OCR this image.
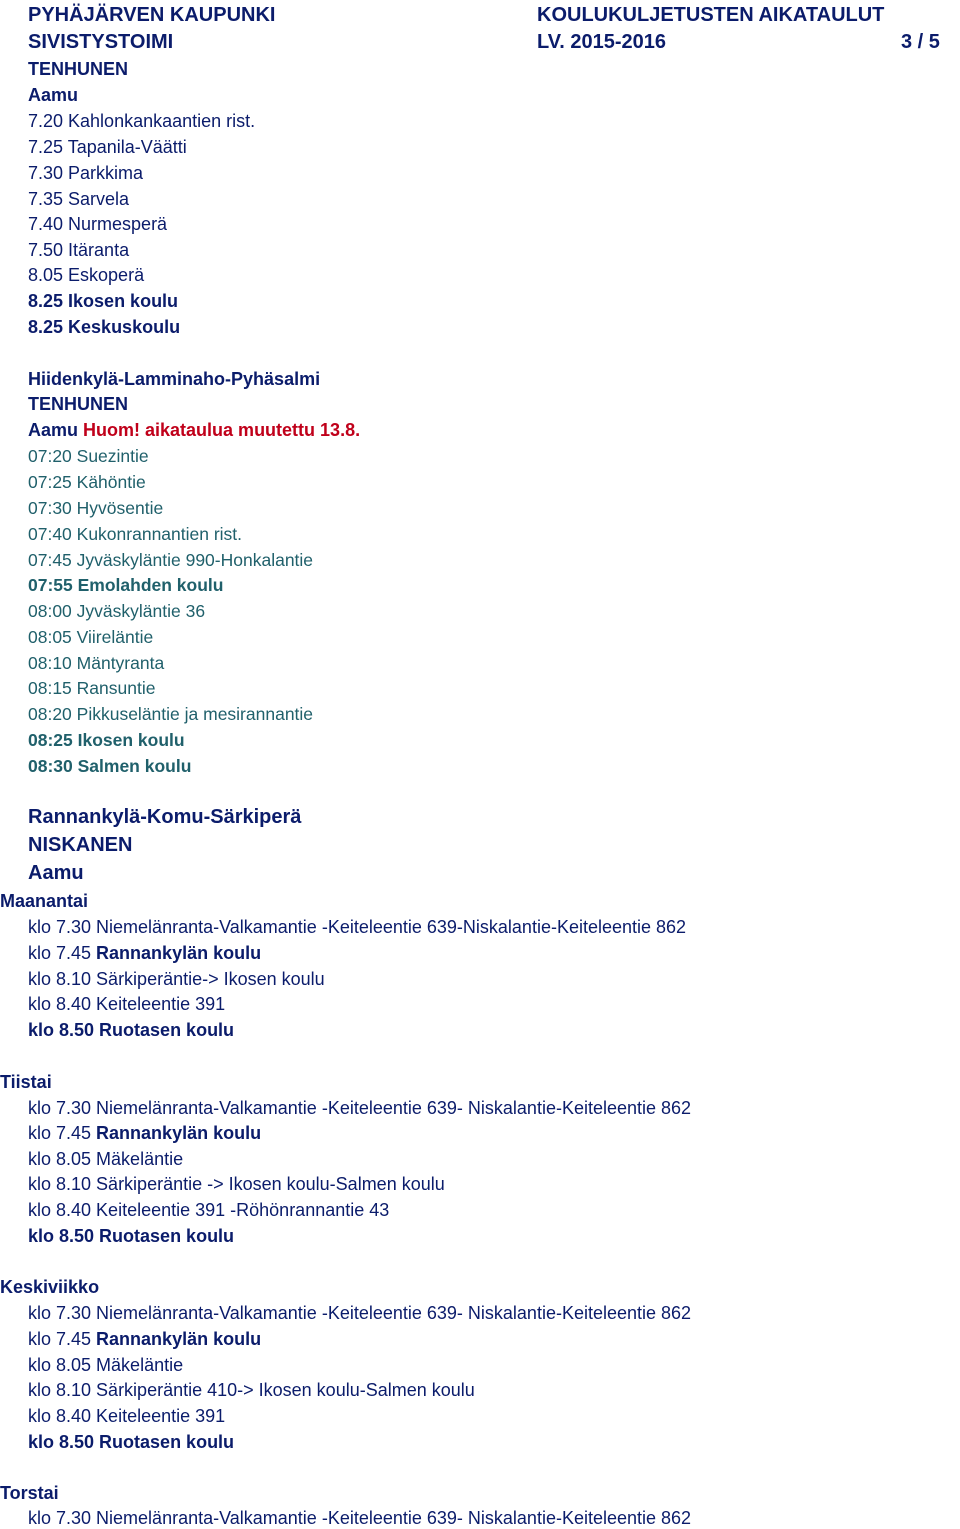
PYHÄJÄRVEN KAUPUNKI
SIVISTYSTOIMI
KOULUKULJETUSTEN AIKATAULUT
LV. 2015-2016	3 / 5
TENHUNEN
Aamu
7.20 Kahlonkankaantien rist.
7.25 Tapanila-Väätti
7.30 Parkkima
7.35 Sarvela
7.40 Nurmesperä
7.50 Itäranta
8.05 Eskoperä
8.25 Ikosen koulu
8.25 Keskuskoulu
Hiidenkylä-Lamminaho-Pyhäsalmi
TENHUNEN
Aamu Huom! aikataulua muutettu 13.8.
07:20 Suezintie
07:25 Kähöntie
07:30 Hyvösentie
07:40 Kukonrannantien rist.
07:45 Jyväskyläntie 990-Honkalantie
07:55 Emolahden koulu
08:00 Jyväskyläntie 36
08:05 Viireläntie
08:10 Mäntyranta
08:15 Ransuntie
08:20 Pikkuseläntie ja mesirannantie
08:25 Ikosen koulu
08:30 Salmen koulu
Rannankylä-Komu-Särkiperä
NISKANEN
Aamu
Maanantai
klo 7.30 Niemelänranta-Valkamantie -Keiteleentie 639-Niskalantie-Keiteleentie 862
klo 7.45 Rannankylän koulu
klo 8.10 Särkiperäntie-> Ikosen koulu
klo 8.40 Keiteleentie 391
klo 8.50 Ruotasen koulu
Tiistai
klo 7.30 Niemelänranta-Valkamantie -Keiteleentie 639- Niskalantie-Keiteleentie 862
klo 7.45 Rannankylän koulu
klo 8.05 Mäkeläntie
klo 8.10 Särkiperäntie -> Ikosen koulu-Salmen koulu
klo 8.40 Keiteleentie 391 -Röhönrannantie 43
klo 8.50 Ruotasen koulu
Keskiviikko
klo 7.30 Niemelänranta-Valkamantie -Keiteleentie 639- Niskalantie-Keiteleentie 862
klo 7.45 Rannankylän koulu
klo 8.05 Mäkeläntie
klo 8.10 Särkiperäntie 410-> Ikosen koulu-Salmen koulu
klo 8.40 Keiteleentie 391
klo 8.50 Ruotasen koulu
Torstai
klo 7.30 Niemelänranta-Valkamantie -Keiteleentie 639- Niskalantie-Keiteleentie 862
